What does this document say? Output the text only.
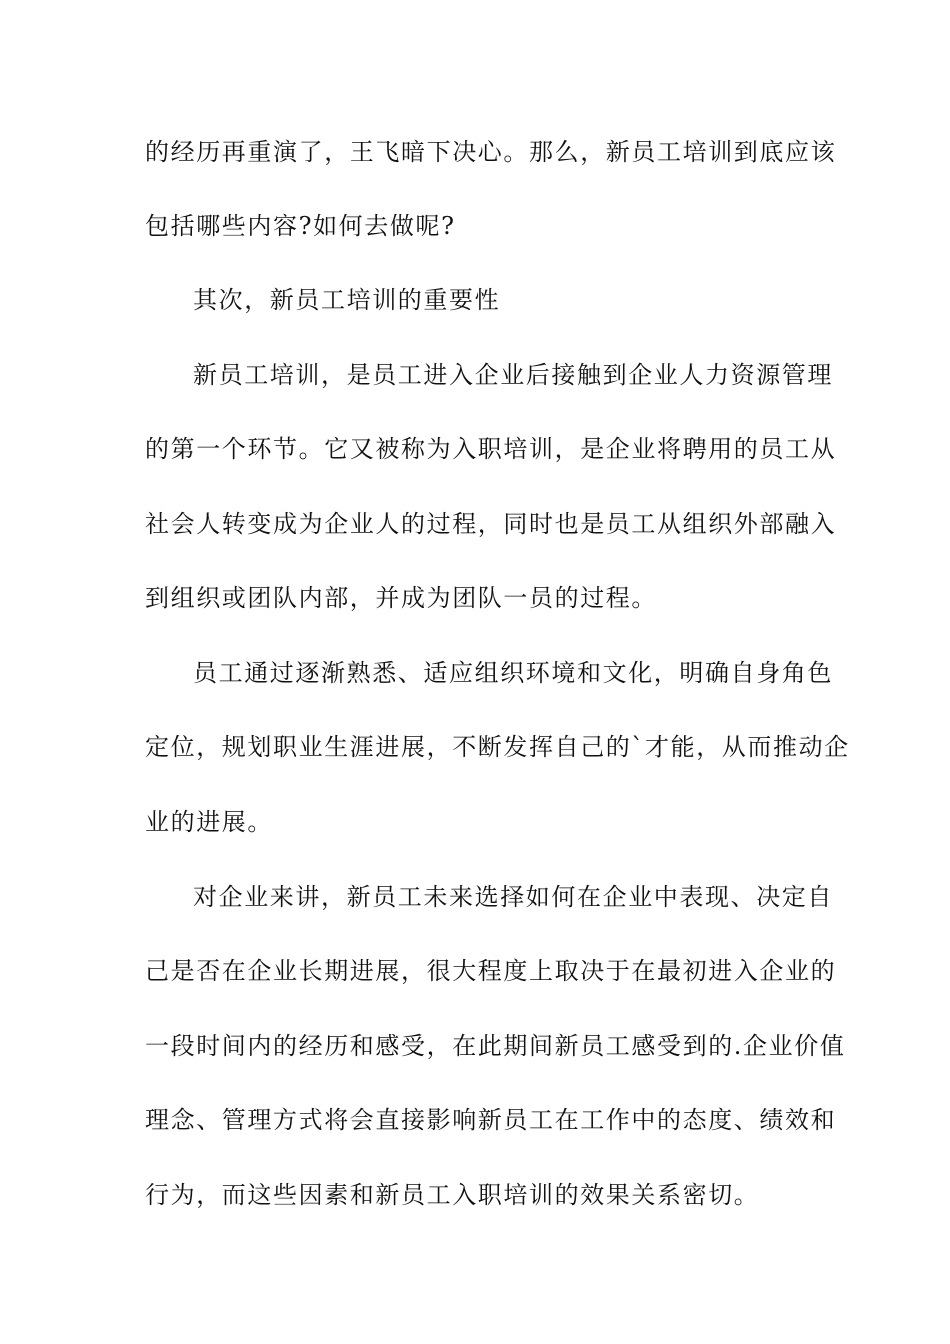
的经历再重演了，王飞暗下决心。那么，新员工培训到底应该
包括哪些内容?如何去做呢?
其次，新员工培训的重要性
新员工培训，是员工进入企业后接触到企业人力资源管理
的第一个环节。它又被称为入职培训，是企业将聘用的员工从
社会人转变成为企业人的过程，同时也是员工从组织外部融入
到组织或团队内部，并成为团队一员的过程。
员工通过逐渐熟悉、适应组织环境和文化，明确自身角色
定位，规划职业生涯进展，不断发挥自己的`才能，从而推动企
业的进展。
对企业来讲，新员工未来选择如何在企业中表现、决定自
己是否在企业长期进展，很大程度上取决于在最初进入企业的
一段时间内的经历和感受，在此期间新员工感受到的.企业价值
理念、管理方式将会直接影响新员工在工作中的态度、绩效和
行为，而这些因素和新员工入职培训的效果关系密切。
